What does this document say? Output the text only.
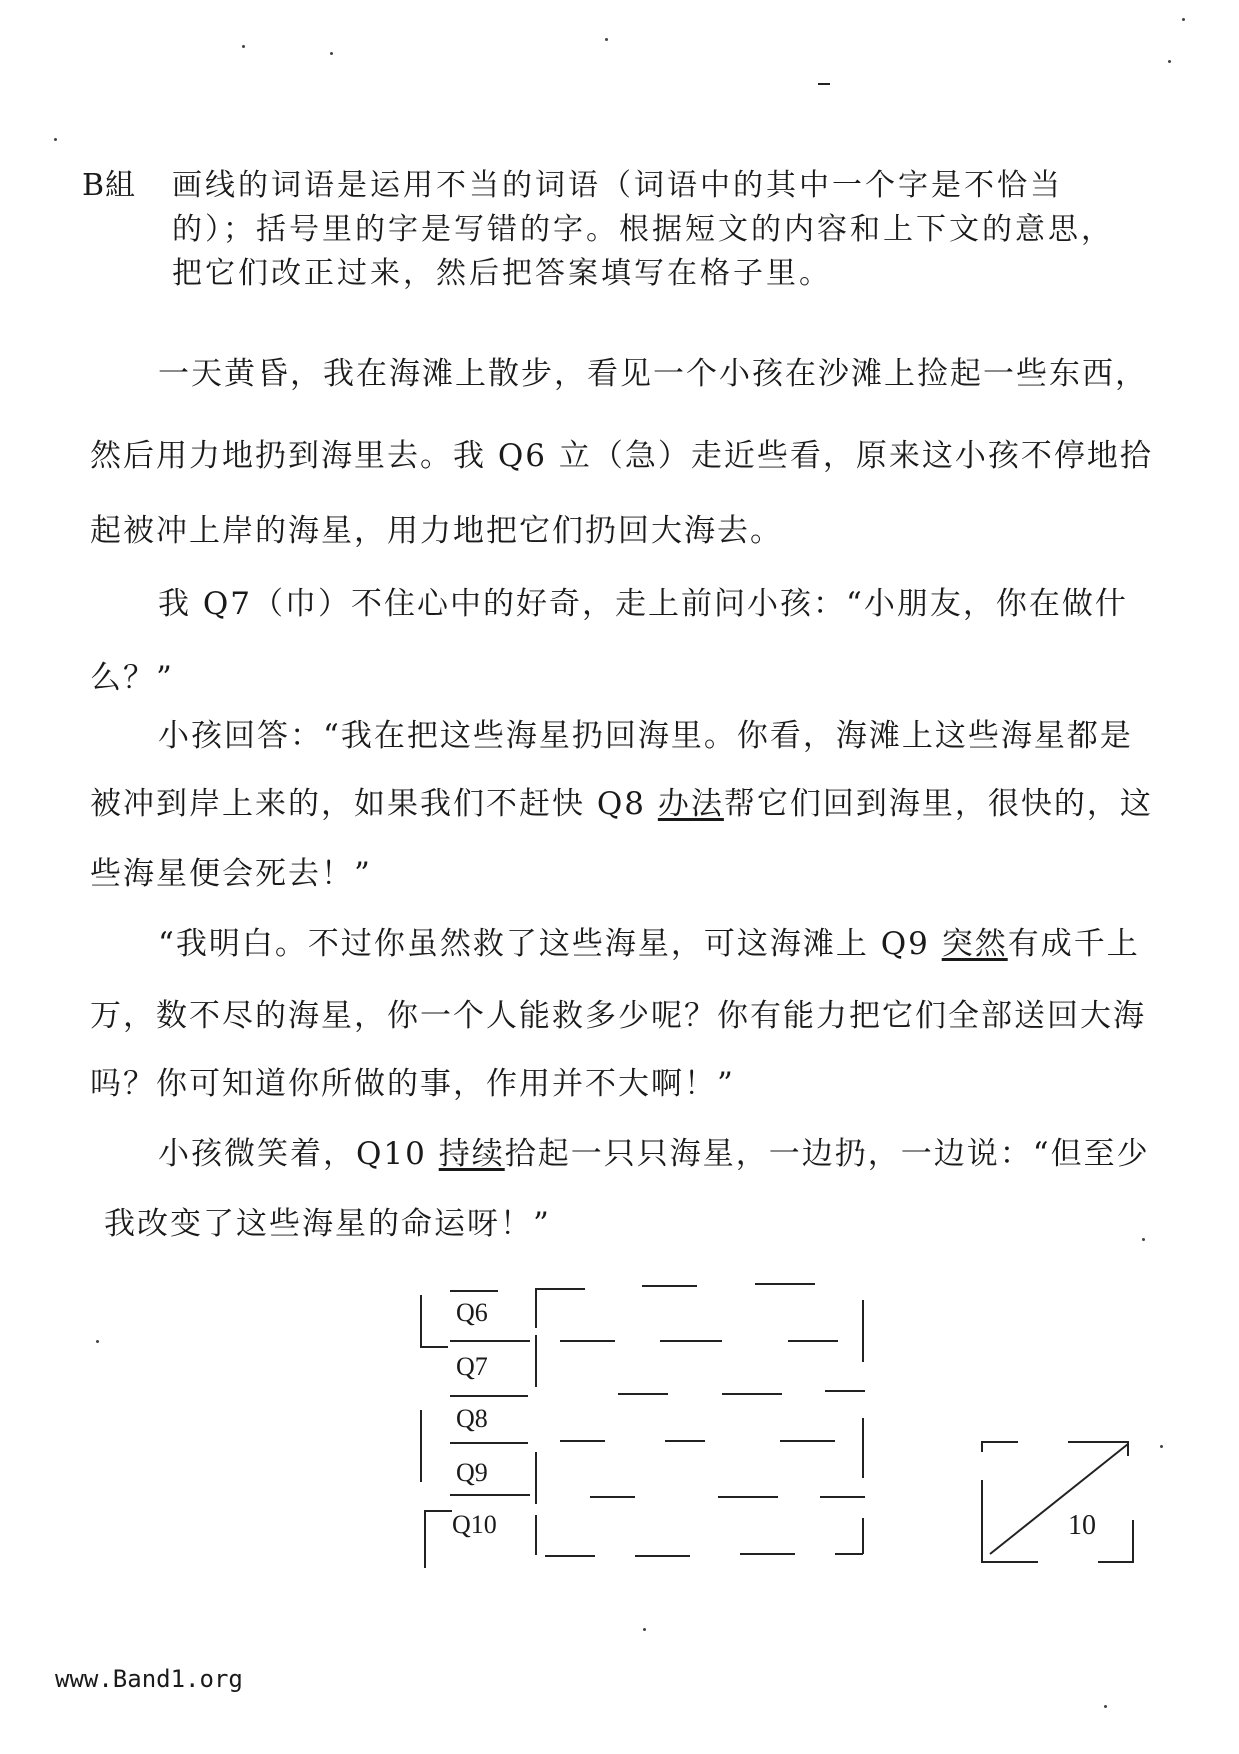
B組	画线的词语是运用不当的词语（词语中的其中一个字是不恰当
的）；括号里的字是写错的字。根据短文的内容和上下文的意思，
把它们改正过来，然后把答案填写在格子里。
一天黄昏，我在海滩上散步，看见一个小孩在沙滩上捡起一些东西，
然后用力地扔到海里去。我 Q6 立（急）走近些看，原来这小孩不停地拾
起被冲上岸的海星，用力地把它们扔回大海去。
我 Q7（巾）不住心中的好奇，走上前问小孩：“小朋友，你在做什
么？”
小孩回答：“我在把这些海星扔回海里。你看，海滩上这些海星都是
被冲到岸上来的，如果我们不赶快 Q8 办法帮它们回到海里，很快的，这
些海星便会死去！”
“我明白。不过你虽然救了这些海星，可这海滩上 Q9 突然有成千上
万，数不尽的海星，你一个人能救多少呢？你有能力把它们全部送回大海
吗？你可知道你所做的事，作用并不大啊！”
小孩微笑着，Q10 持续拾起一只只海星，一边扔，一边说：“但至少
我改变了这些海星的命运呀！”
Q6
Q7
Q8
Q9
Q10	10
www.Band1.org
